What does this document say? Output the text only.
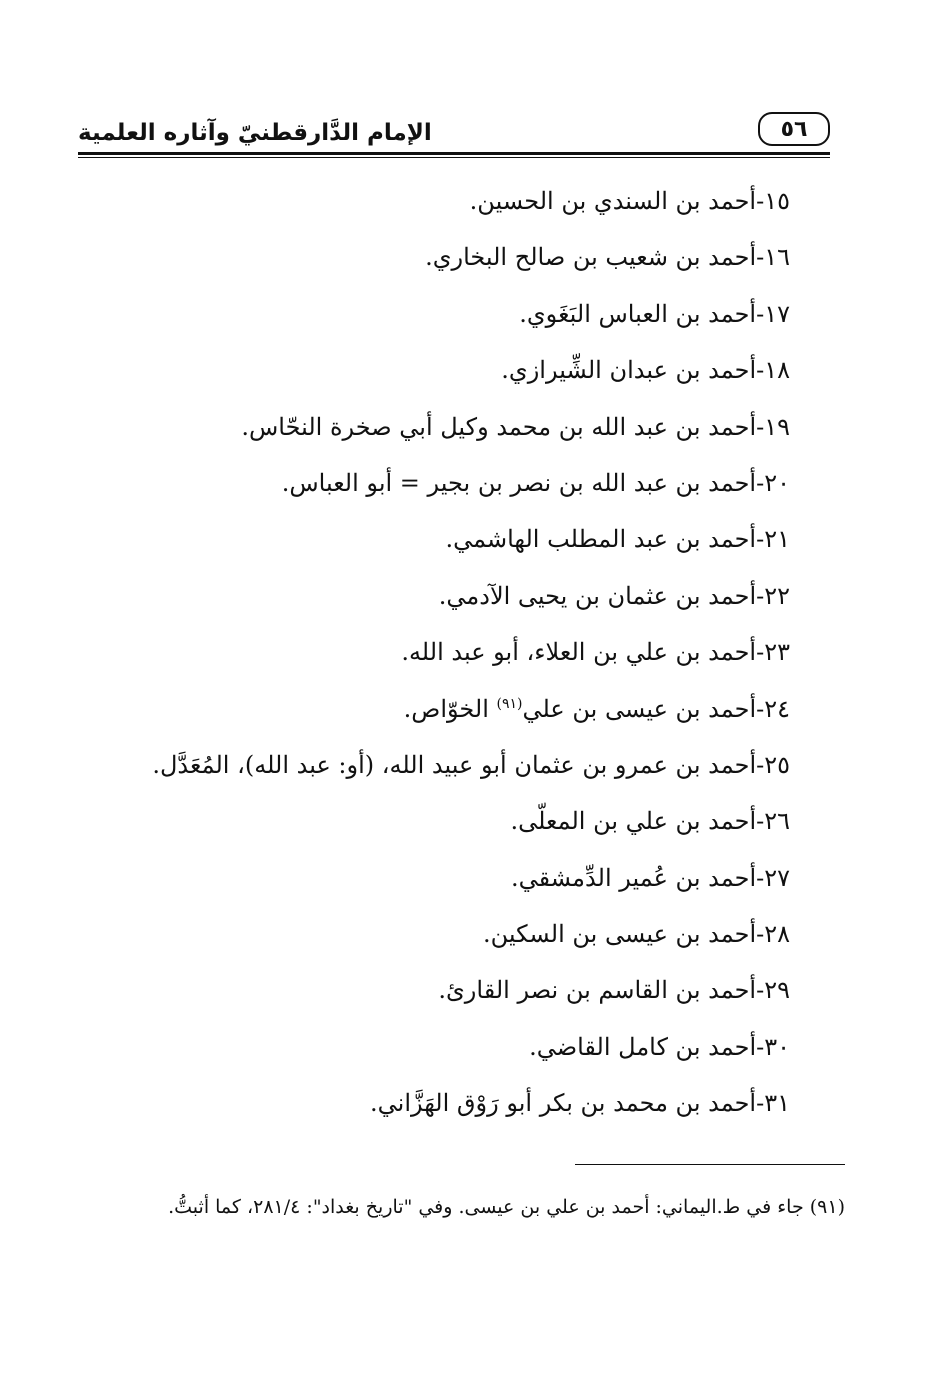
٥٦
الإمام الدَّارقطنيّ وآثاره العلمية
١٥-أحمد بن السندي بن الحسين.
١٦-أحمد بن شعيب بن صالح البخاري.
١٧-أحمد بن العباس البَغَوي.
١٨-أحمد بن عبدان الشِّيرازي.
١٩-أحمد بن عبد الله بن محمد وكيل أبي صخرة النحّاس.
٢٠-أحمد بن عبد الله بن نصر بن بجير = أبو العباس.
٢١-أحمد بن عبد المطلب الهاشمي.
٢٢-أحمد بن عثمان بن يحيى الآدمي.
٢٣-أحمد بن علي بن العلاء، أبو عبد الله.
٢٤-أحمد بن عيسى بن علي$^{(٩١)}$ الخوّاص.
٢٥-أحمد بن عمرو بن عثمان أبو عبيد الله، (أو: عبد الله)، المُعَدَّل.
٢٦-أحمد بن علي بن المعلّى.
٢٧-أحمد بن عُمير الدِّمشقي.
٢٨-أحمد بن عيسى بن السكين.
٢٩-أحمد بن القاسم بن نصر القارئ.
٣٠-أحمد بن كامل القاضي.
٣١-أحمد بن محمد بن بكر أبو رَوْق الهَزَّاني.
(٩١) جاء في ط.اليماني: أحمد بن علي بن عيسى. وفي "تاريخ بغداد": ٢٨١/٤، كما أثبتُّ.
